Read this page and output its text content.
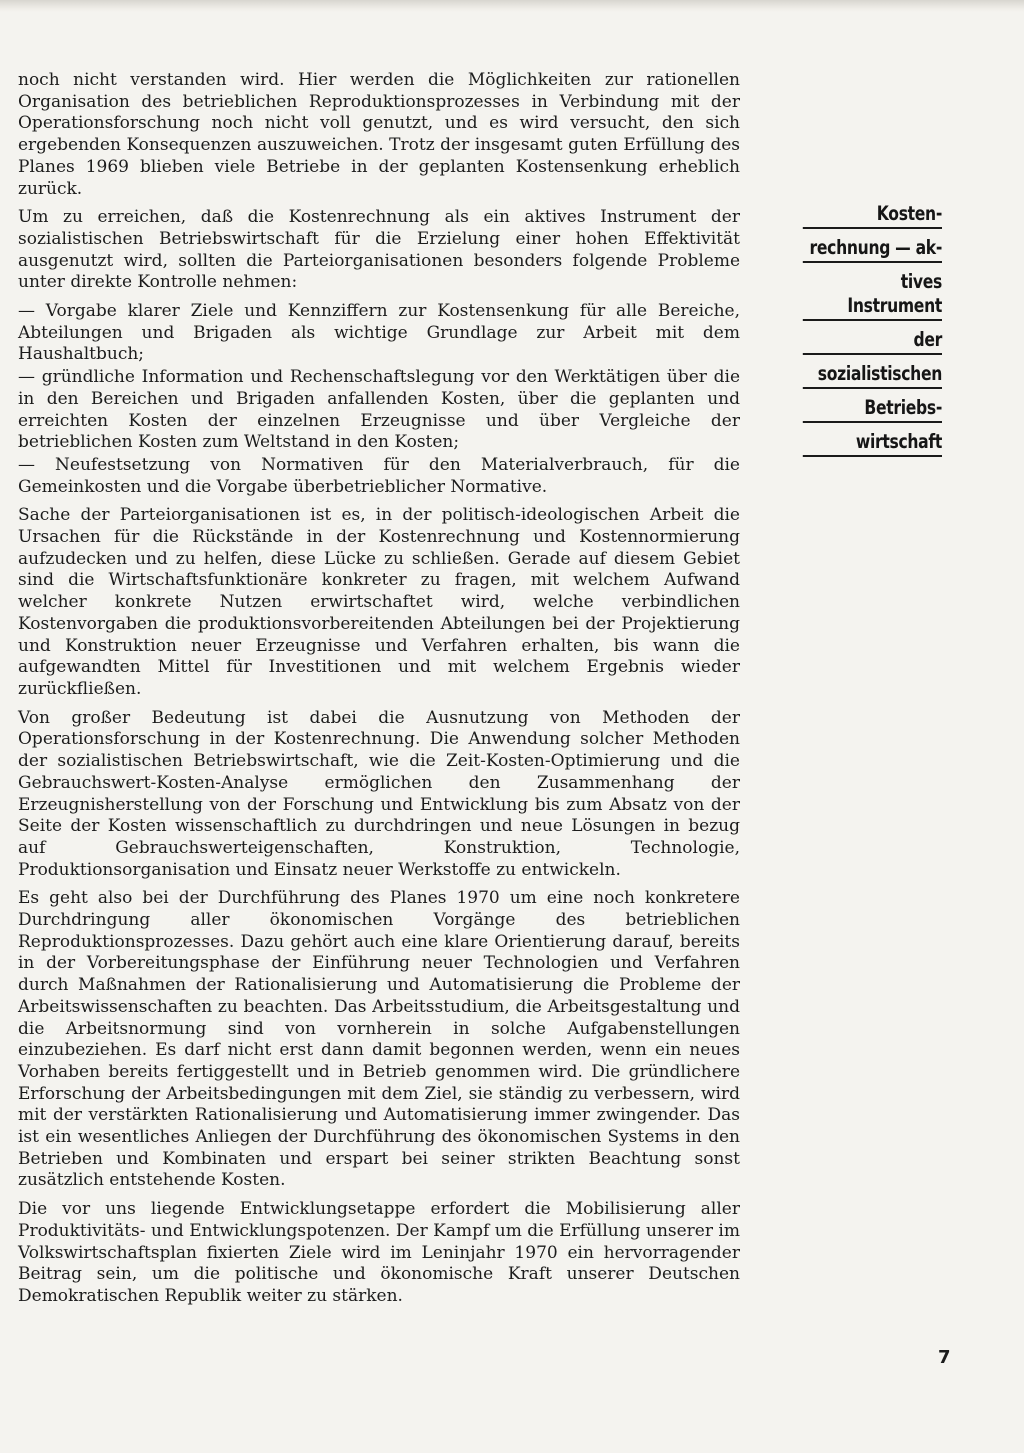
noch nicht verstanden wird. Hier werden die Möglichkeiten zur rationellen Organisation des betrieblichen Reproduktionsprozesses in Verbindung mit der Operationsforschung noch nicht voll genutzt, und es wird versucht, den sich ergebenden Konsequenzen auszuweichen. Trotz der insgesamt guten Erfüllung des Planes 1969 blieben viele Betriebe in der geplanten Kostensenkung erheblich zurück.

Um zu erreichen, daß die Kostenrechnung als ein aktives Instrument der sozialistischen Betriebswirtschaft für die Erzielung einer hohen Effektivität ausgenutzt wird, sollten die Parteiorganisationen besonders folgende Probleme unter direkte Kontrolle nehmen:

— Vorgabe klarer Ziele und Kennziffern zur Kostensenkung für alle Bereiche, Abteilungen und Brigaden als wichtige Grundlage zur Arbeit mit dem Haushaltbuch;

— gründliche Information und Rechenschaftslegung vor den Werktätigen über die in den Bereichen und Brigaden anfallenden Kosten, über die geplanten und erreichten Kosten der einzelnen Erzeugnisse und über Vergleiche der betrieblichen Kosten zum Weltstand in den Kosten;

— Neufestsetzung von Normativen für den Materialverbrauch, für die Gemeinkosten und die Vorgabe überbetrieblicher Normative.

Sache der Parteiorganisationen ist es, in der politisch-ideologischen Arbeit die Ursachen für die Rückstände in der Kostenrechnung und Kostennormierung aufzudecken und zu helfen, diese Lücke zu schließen. Gerade auf diesem Gebiet sind die Wirtschaftsfunktionäre konkreter zu fragen, mit welchem Aufwand welcher konkrete Nutzen erwirtschaftet wird, welche verbindlichen Kostenvorgaben die produktionsvorbereitenden Abteilungen bei der Projektierung und Konstruktion neuer Erzeugnisse und Verfahren erhalten, bis wann die aufgewandten Mittel für Investitionen und mit welchem Ergebnis wieder zurückfließen.

Von großer Bedeutung ist dabei die Ausnutzung von Methoden der Operationsforschung in der Kostenrechnung. Die Anwendung solcher Methoden der sozialistischen Betriebswirtschaft, wie die Zeit-Kosten-Optimierung und die Gebrauchswert-Kosten-Analyse ermöglichen den Zusammenhang der Erzeugnisherstellung von der Forschung und Entwicklung bis zum Absatz von der Seite der Kosten wissenschaftlich zu durchdringen und neue Lösungen in bezug auf Gebrauchswerteigenschaften, Konstruktion, Technologie, Produktionsorganisation und Einsatz neuer Werkstoffe zu entwickeln.

Es geht also bei der Durchführung des Planes 1970 um eine noch konkretere Durchdringung aller ökonomischen Vorgänge des betrieblichen Reproduktionsprozesses. Dazu gehört auch eine klare Orientierung darauf, bereits in der Vorbereitungsphase der Einführung neuer Technologien und Verfahren durch Maßnahmen der Rationalisierung und Automatisierung die Probleme der Arbeitswissenschaften zu beachten. Das Arbeitsstudium, die Arbeitsgestaltung und die Arbeitsnormung sind von vornherein in solche Aufgabenstellungen einzubeziehen. Es darf nicht erst dann damit begonnen werden, wenn ein neues Vorhaben bereits fertiggestellt und in Betrieb genommen wird. Die gründlichere Erforschung der Arbeitsbedingungen mit dem Ziel, sie ständig zu verbessern, wird mit der verstärkten Rationalisierung und Automatisierung immer zwingender. Das ist ein wesentliches Anliegen der Durchführung des ökonomischen Systems in den Betrieben und Kombinaten und erspart bei seiner strikten Beachtung sonst zusätzlich entstehende Kosten.

Die vor uns liegende Entwicklungsetappe erfordert die Mobilisierung aller Produktivitäts- und Entwicklungspotenzen. Der Kampf um die Erfüllung unserer im Volkswirtschaftsplan fixierten Ziele wird im Leninjahr 1970 ein hervorragender Beitrag sein, um die politische und ökonomische Kraft unserer Deutschen Demokratischen Republik weiter zu stärken.

Kosten-
rechnung — ak-
tives Instrument
der
sozialistischen
Betriebs-
wirtschaft
7
